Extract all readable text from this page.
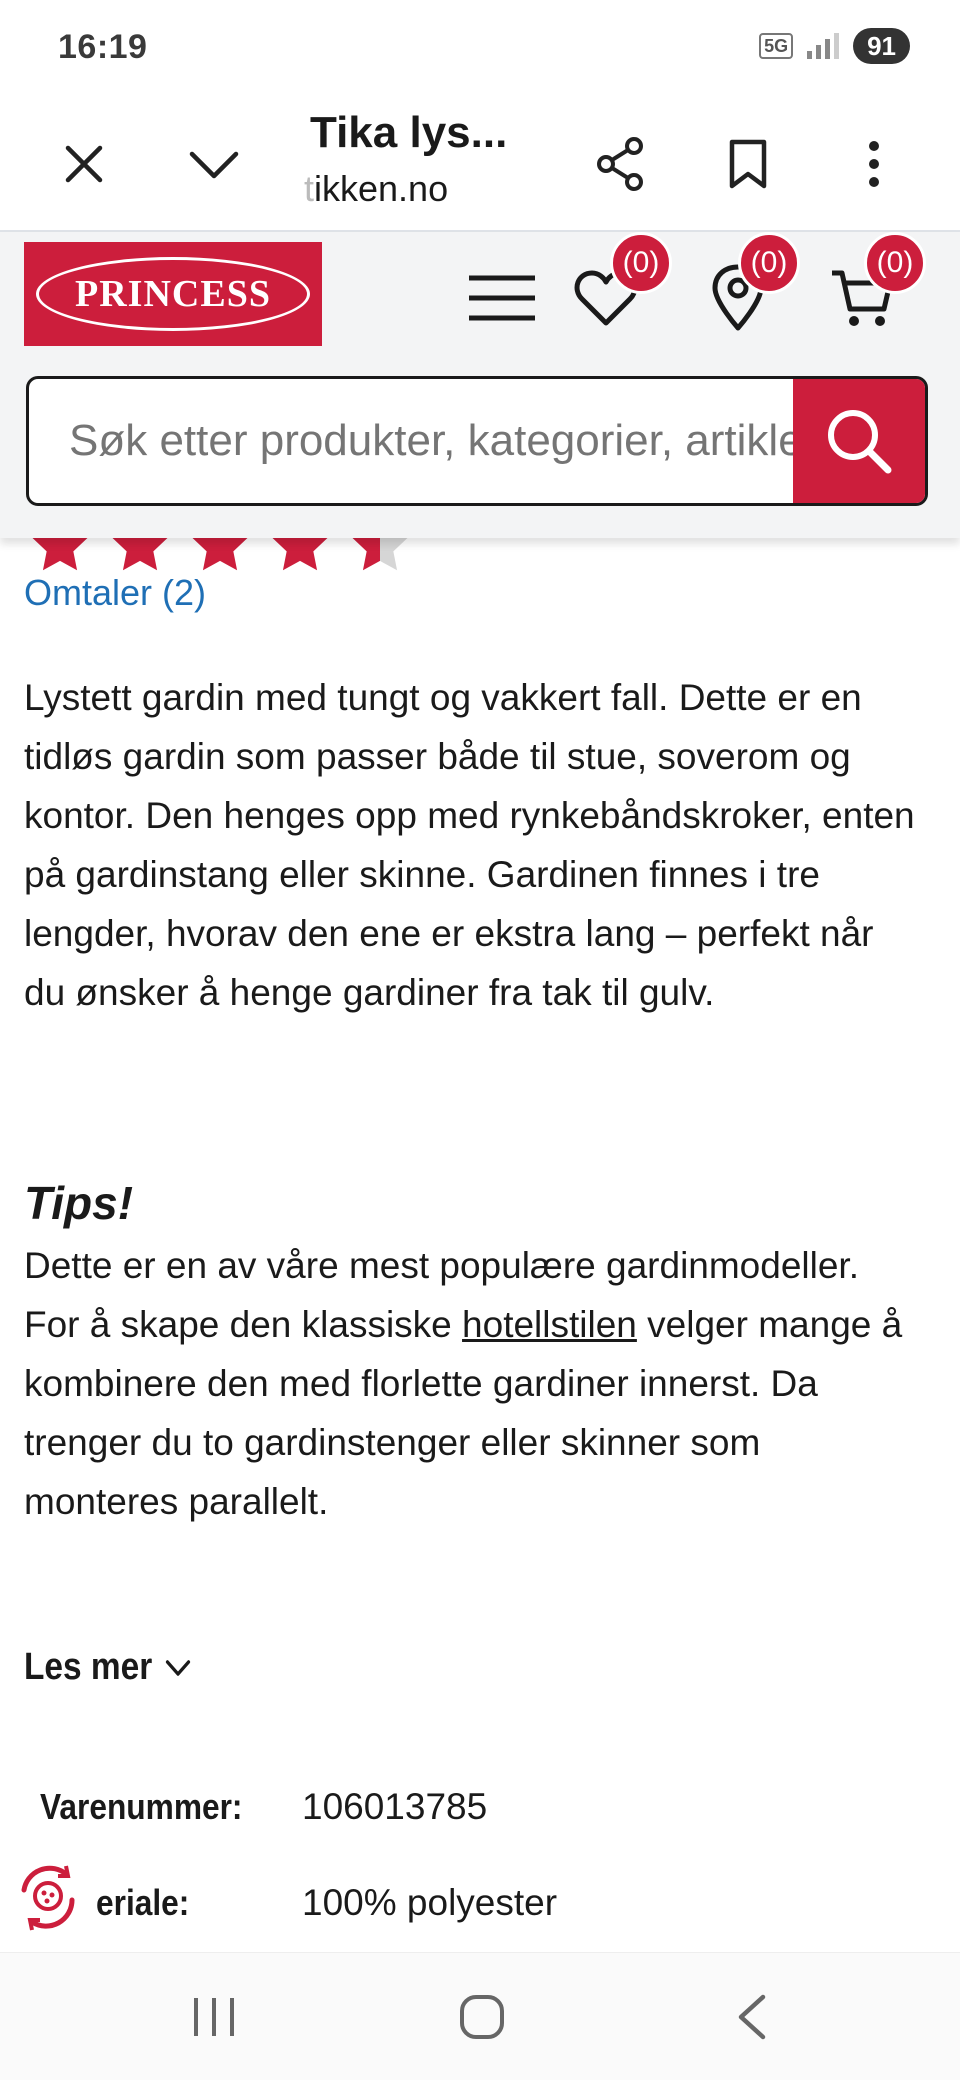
16:19	5G	91
Tika lys...
tikken.no
PRINCESS
(0)	(0)	(0)
Søk etter produkter, kategorier, artikler
Omtaler (2)

Lystett gardin med tungt og vakkert fall. Dette er en tidløs gardin som passer både til stue, soverom og kontor. Den henges opp med rynkebåndskroker, enten på gardinstang eller skinne. Gardinen finnes i tre lengder, hvorav den ene er ekstra lang – perfekt når du ønsker å henge gardiner fra tak til gulv.

Tips!

Dette er en av våre mest populære gardinmodeller. For å skape den klassiske hotellstilen velger mange å kombinere den med florlette gardiner innerst. Da trenger du to gardinstenger eller skinner som monteres parallelt.

Les mer
Varenummer: 106013785
eriale:	100% polyester
